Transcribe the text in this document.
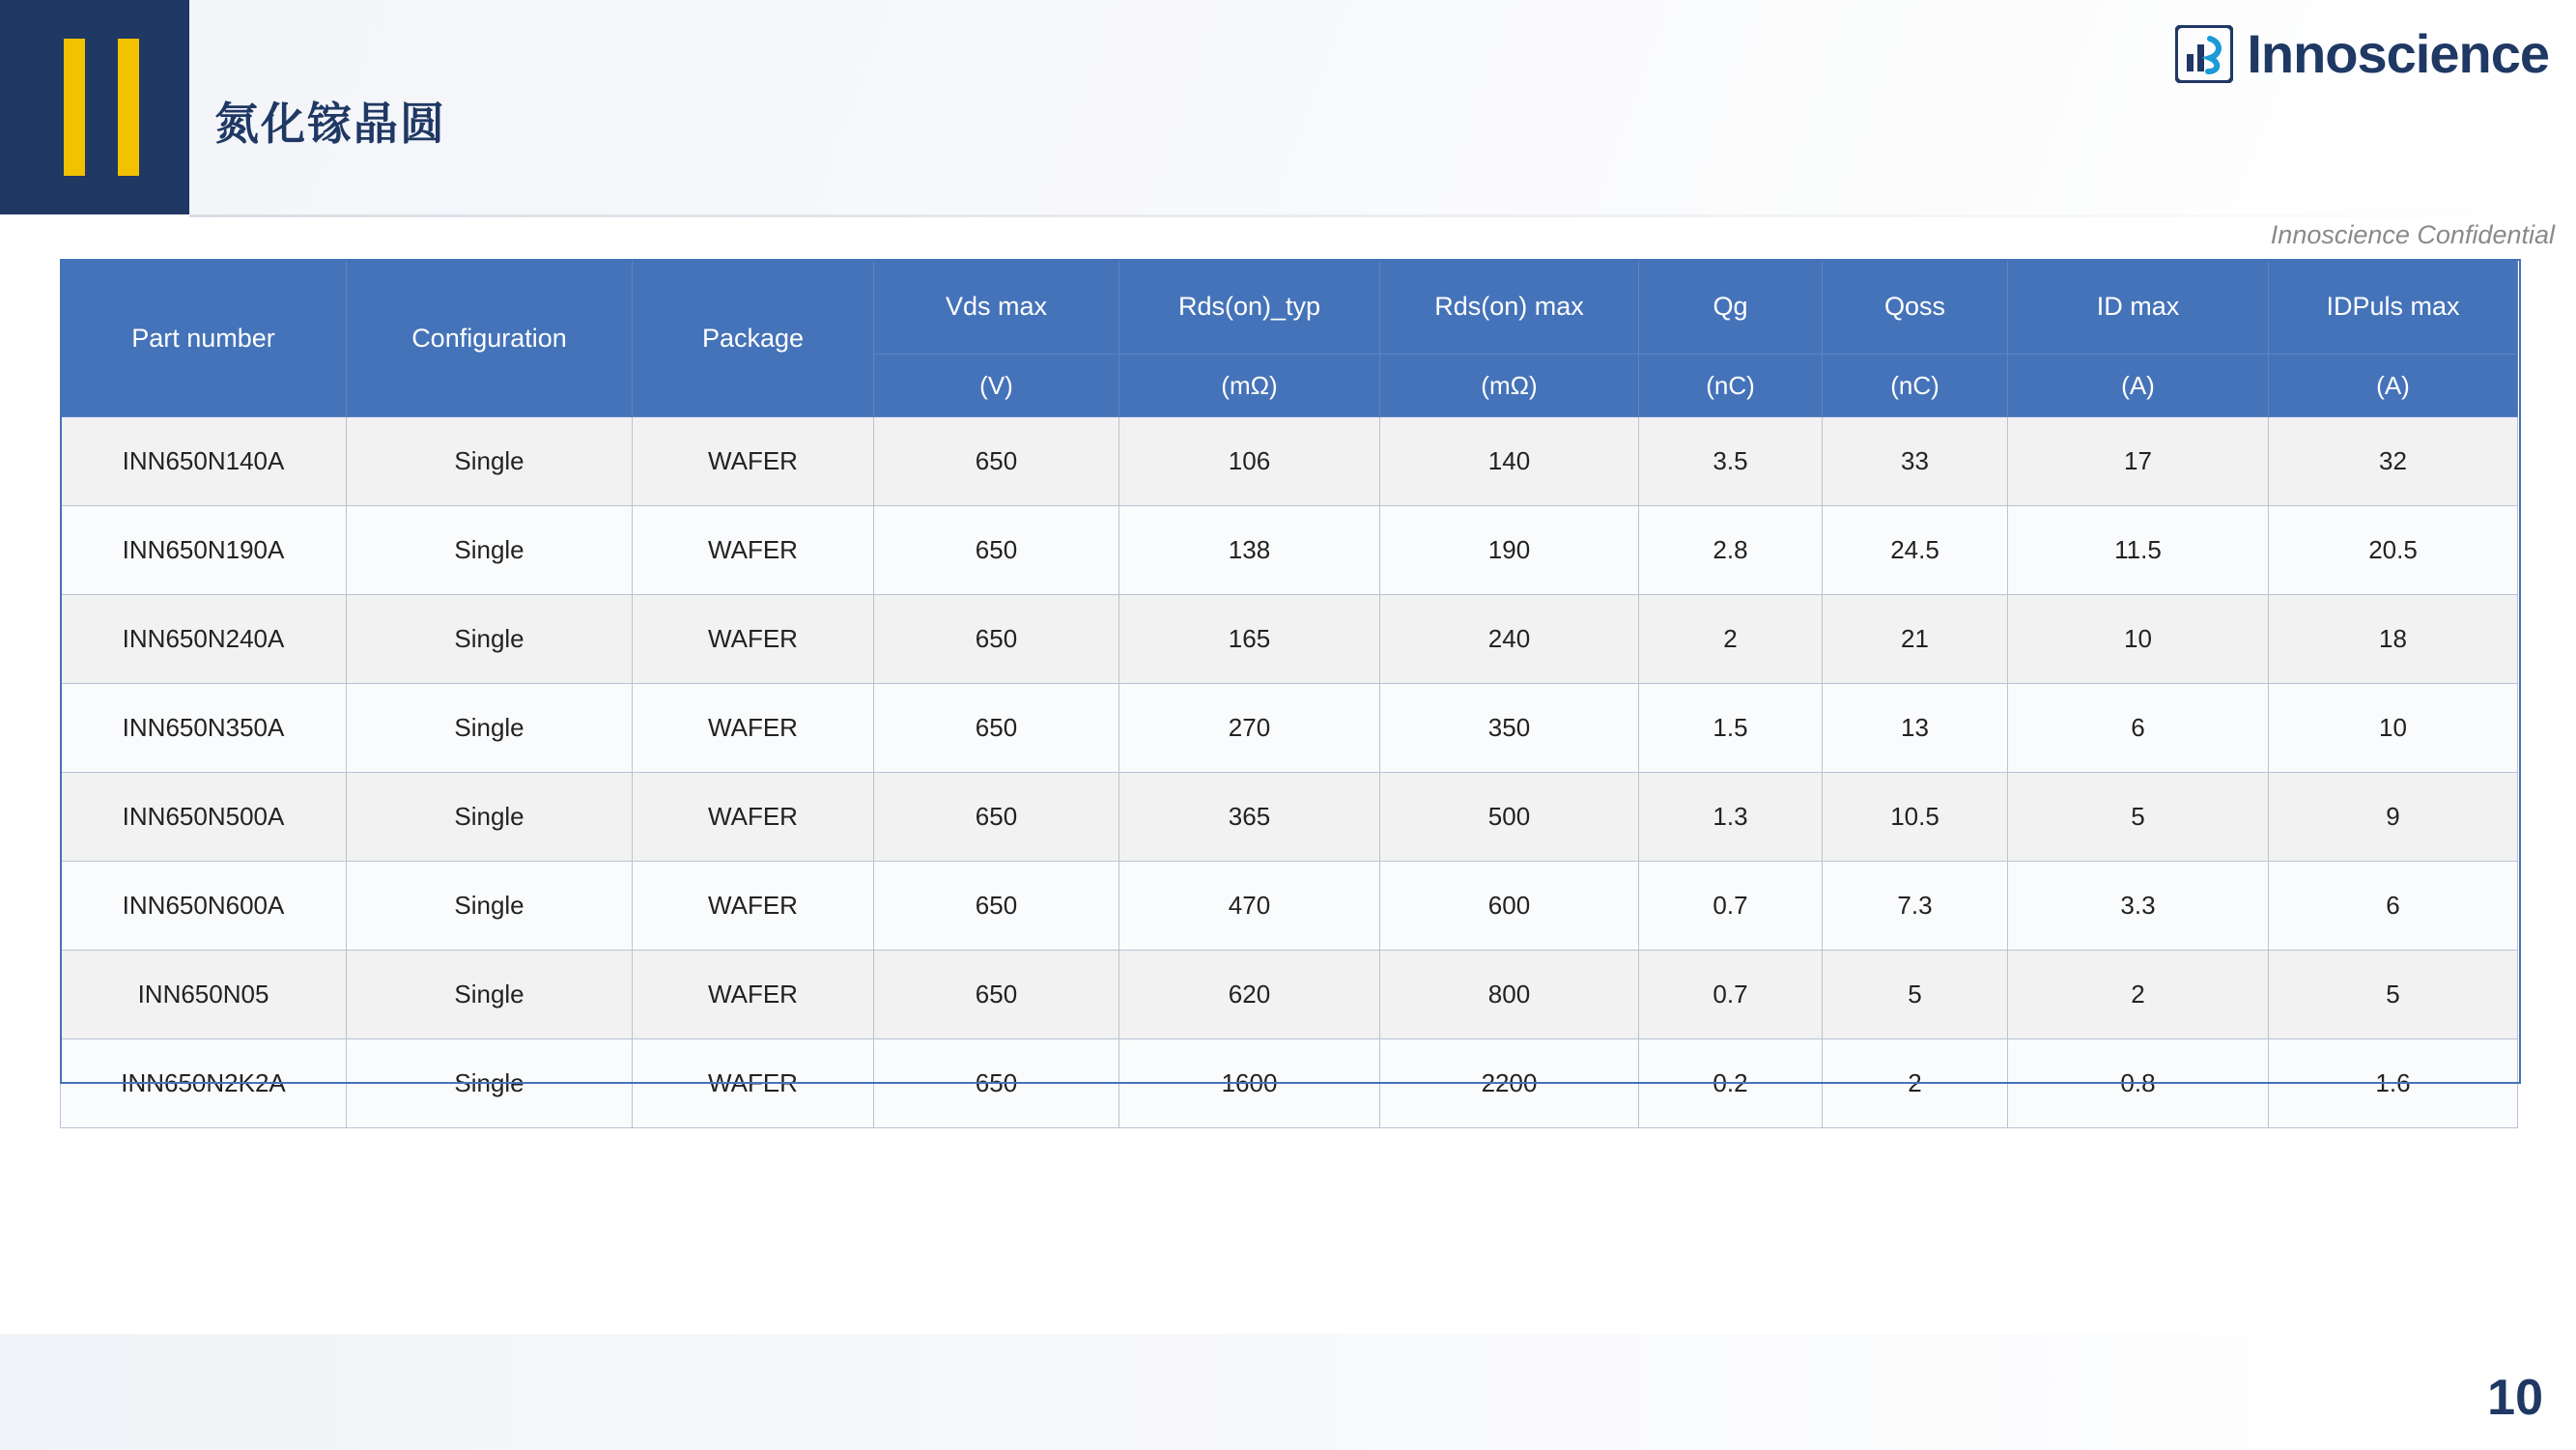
氮化镓晶圆
Innoscience
Innoscience Confidential
Part number	Configuration	Package	Vds max	Rds(on)_typ	Rds(on) max	Qg	Qoss	ID max	IDPuls max
			(V)	(mΩ)	(mΩ)	(nC)	(nC)	(A)	(A)
INN650N140A	Single	WAFER	650	106	140	3.5	33	17	32
INN650N190A	Single	WAFER	650	138	190	2.8	24.5	11.5	20.5
INN650N240A	Single	WAFER	650	165	240	2	21	10	18
INN650N350A	Single	WAFER	650	270	350	1.5	13	6	10
INN650N500A	Single	WAFER	650	365	500	1.3	10.5	5	9
INN650N600A	Single	WAFER	650	470	600	0.7	7.3	3.3	6
INN650N05	Single	WAFER	650	620	800	0.7	5	2	5
INN650N2K2A	Single	WAFER	650	1600	2200	0.2	2	0.8	1.6
10
